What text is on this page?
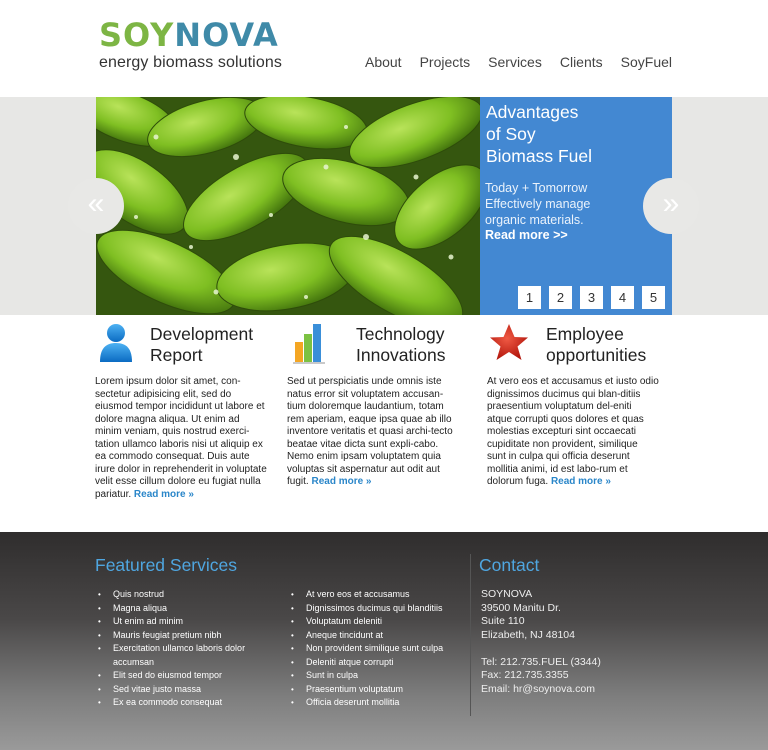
SOYNOVA
energy biomass solutions	About Projects Services Clients SoyFuel
Advantages
of Soy
Biomass Fuel
Today + Tomorrow
Effectively manage
organic materials.
Read more >>
1	2	3	4	5
«	»
Development
Report

Lorem ipsum dolor sit amet, con-sectetur adipisicing elit, sed do eiusmod tempor incididunt ut labore et dolore magna aliqua. Ut enim ad minim veniam, quis nostrud exerci-tation ullamco laboris nisi ut aliquip ex ea commodo consequat. Duis aute irure dolor in reprehenderit in voluptate velit esse cillum dolore eu fugiat nulla pariatur. Read more »

Technology
Innovations

Sed ut perspiciatis unde omnis iste natus error sit voluptatem accusan-tium doloremque laudantium, totam rem aperiam, eaque ipsa quae ab illo inventore veritatis et quasi archi-tecto beatae vitae dicta sunt expli-cabo. Nemo enim ipsam voluptatem quia voluptas sit aspernatur aut odit aut fugit. Read more »

Employee
opportunities

At vero eos et accusamus et iusto odio dignissimos ducimus qui blan-ditiis praesentium voluptatum del-eniti atque corrupti quos dolores et quas molestias excepturi sint occaecati cupiditate non provident, similique sunt in culpa qui officia deserunt mollitia animi, id est labo-rum et dolorum fuga. Read more »

Featured Services
• Quis nostrud
• Magna aliqua
• Ut enim ad minim
• Mauris feugiat pretium nibh
• Exercitation ullamco laboris dolor accumsan
• Elit sed do eiusmod tempor
• Sed vitae justo massa
• Ex ea commodo consequat
• At vero eos et accusamus
• Dignissimos ducimus qui blanditiis
• Voluptatum deleniti
• Aneque tincidunt at
• Non provident similique sunt culpa
• Deleniti atque corrupti
• Sunt in culpa
• Praesentium voluptatum
• Officia deserunt mollitia
Contact
SOYNOVA
39500 Manitu Dr.
Suite 110
Elizabeth, NJ 48104
Tel: 212.735.FUEL (3344)
Fax: 212.735.3355
Email: hr@soynova.com
